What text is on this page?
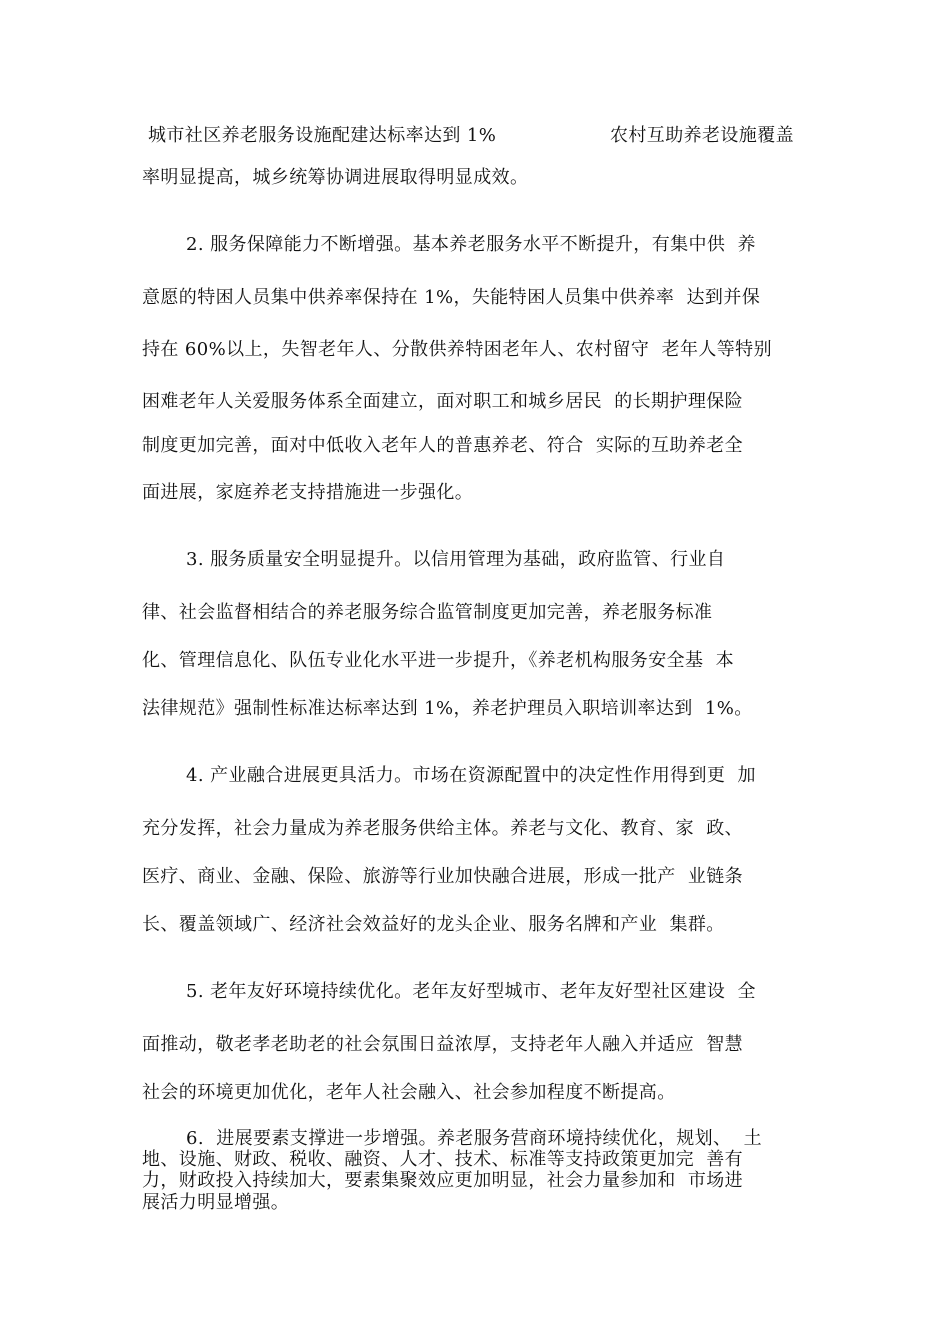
城市社区养老服务设施配建达标率达到 1%	农村互助养老设施覆盖
率明显提高，城乡统筹协调进展取得明显成效。
2. 服务保障能力不断增强。基本养老服务水平不断提升，有集中供  养
意愿的特困人员集中供养率保持在 1%，失能特困人员集中供养率  达到并保
持在 60%以上，失智老年人、分散供养特困老年人、农村留守  老年人等特别
困难老年人关爱服务体系全面建立，面对职工和城乡居民  的长期护理保险
制度更加完善，面对中低收入老年人的普惠养老、符合  实际的互助养老全
面进展，家庭养老支持措施进一步强化。
3. 服务质量安全明显提升。以信用管理为基础，政府监管、行业自
律、社会监督相结合的养老服务综合监管制度更加完善，养老服务标准
化、管理信息化、队伍专业化水平进一步提升，《养老机构服务安全基  本
法律规范》强制性标准达标率达到 1%，养老护理员入职培训率达到  1%。
4. 产业融合进展更具活力。市场在资源配置中的决定性作用得到更  加
充分发挥，社会力量成为养老服务供给主体。养老与文化、教育、家  政、
医疗、商业、金融、保险、旅游等行业加快融合进展，形成一批产  业链条
长、覆盖领域广、经济社会效益好的龙头企业、服务名牌和产业  集群。
5. 老年友好环境持续优化。老年友好型城市、老年友好型社区建设  全
面推动，敬老孝老助老的社会氛围日益浓厚，支持老年人融入并适应  智慧
社会的环境更加优化，老年人社会融入、社会参加程度不断提高。
6.  进展要素支撑进一步增强。养老服务营商环境持续优化，规划、  土
地、设施、财政、税收、融资、人才、技术、标准等支持政策更加完  善有
力，财政投入持续加大，要素集聚效应更加明显，社会力量参加和  市场进
展活力明显增强。
